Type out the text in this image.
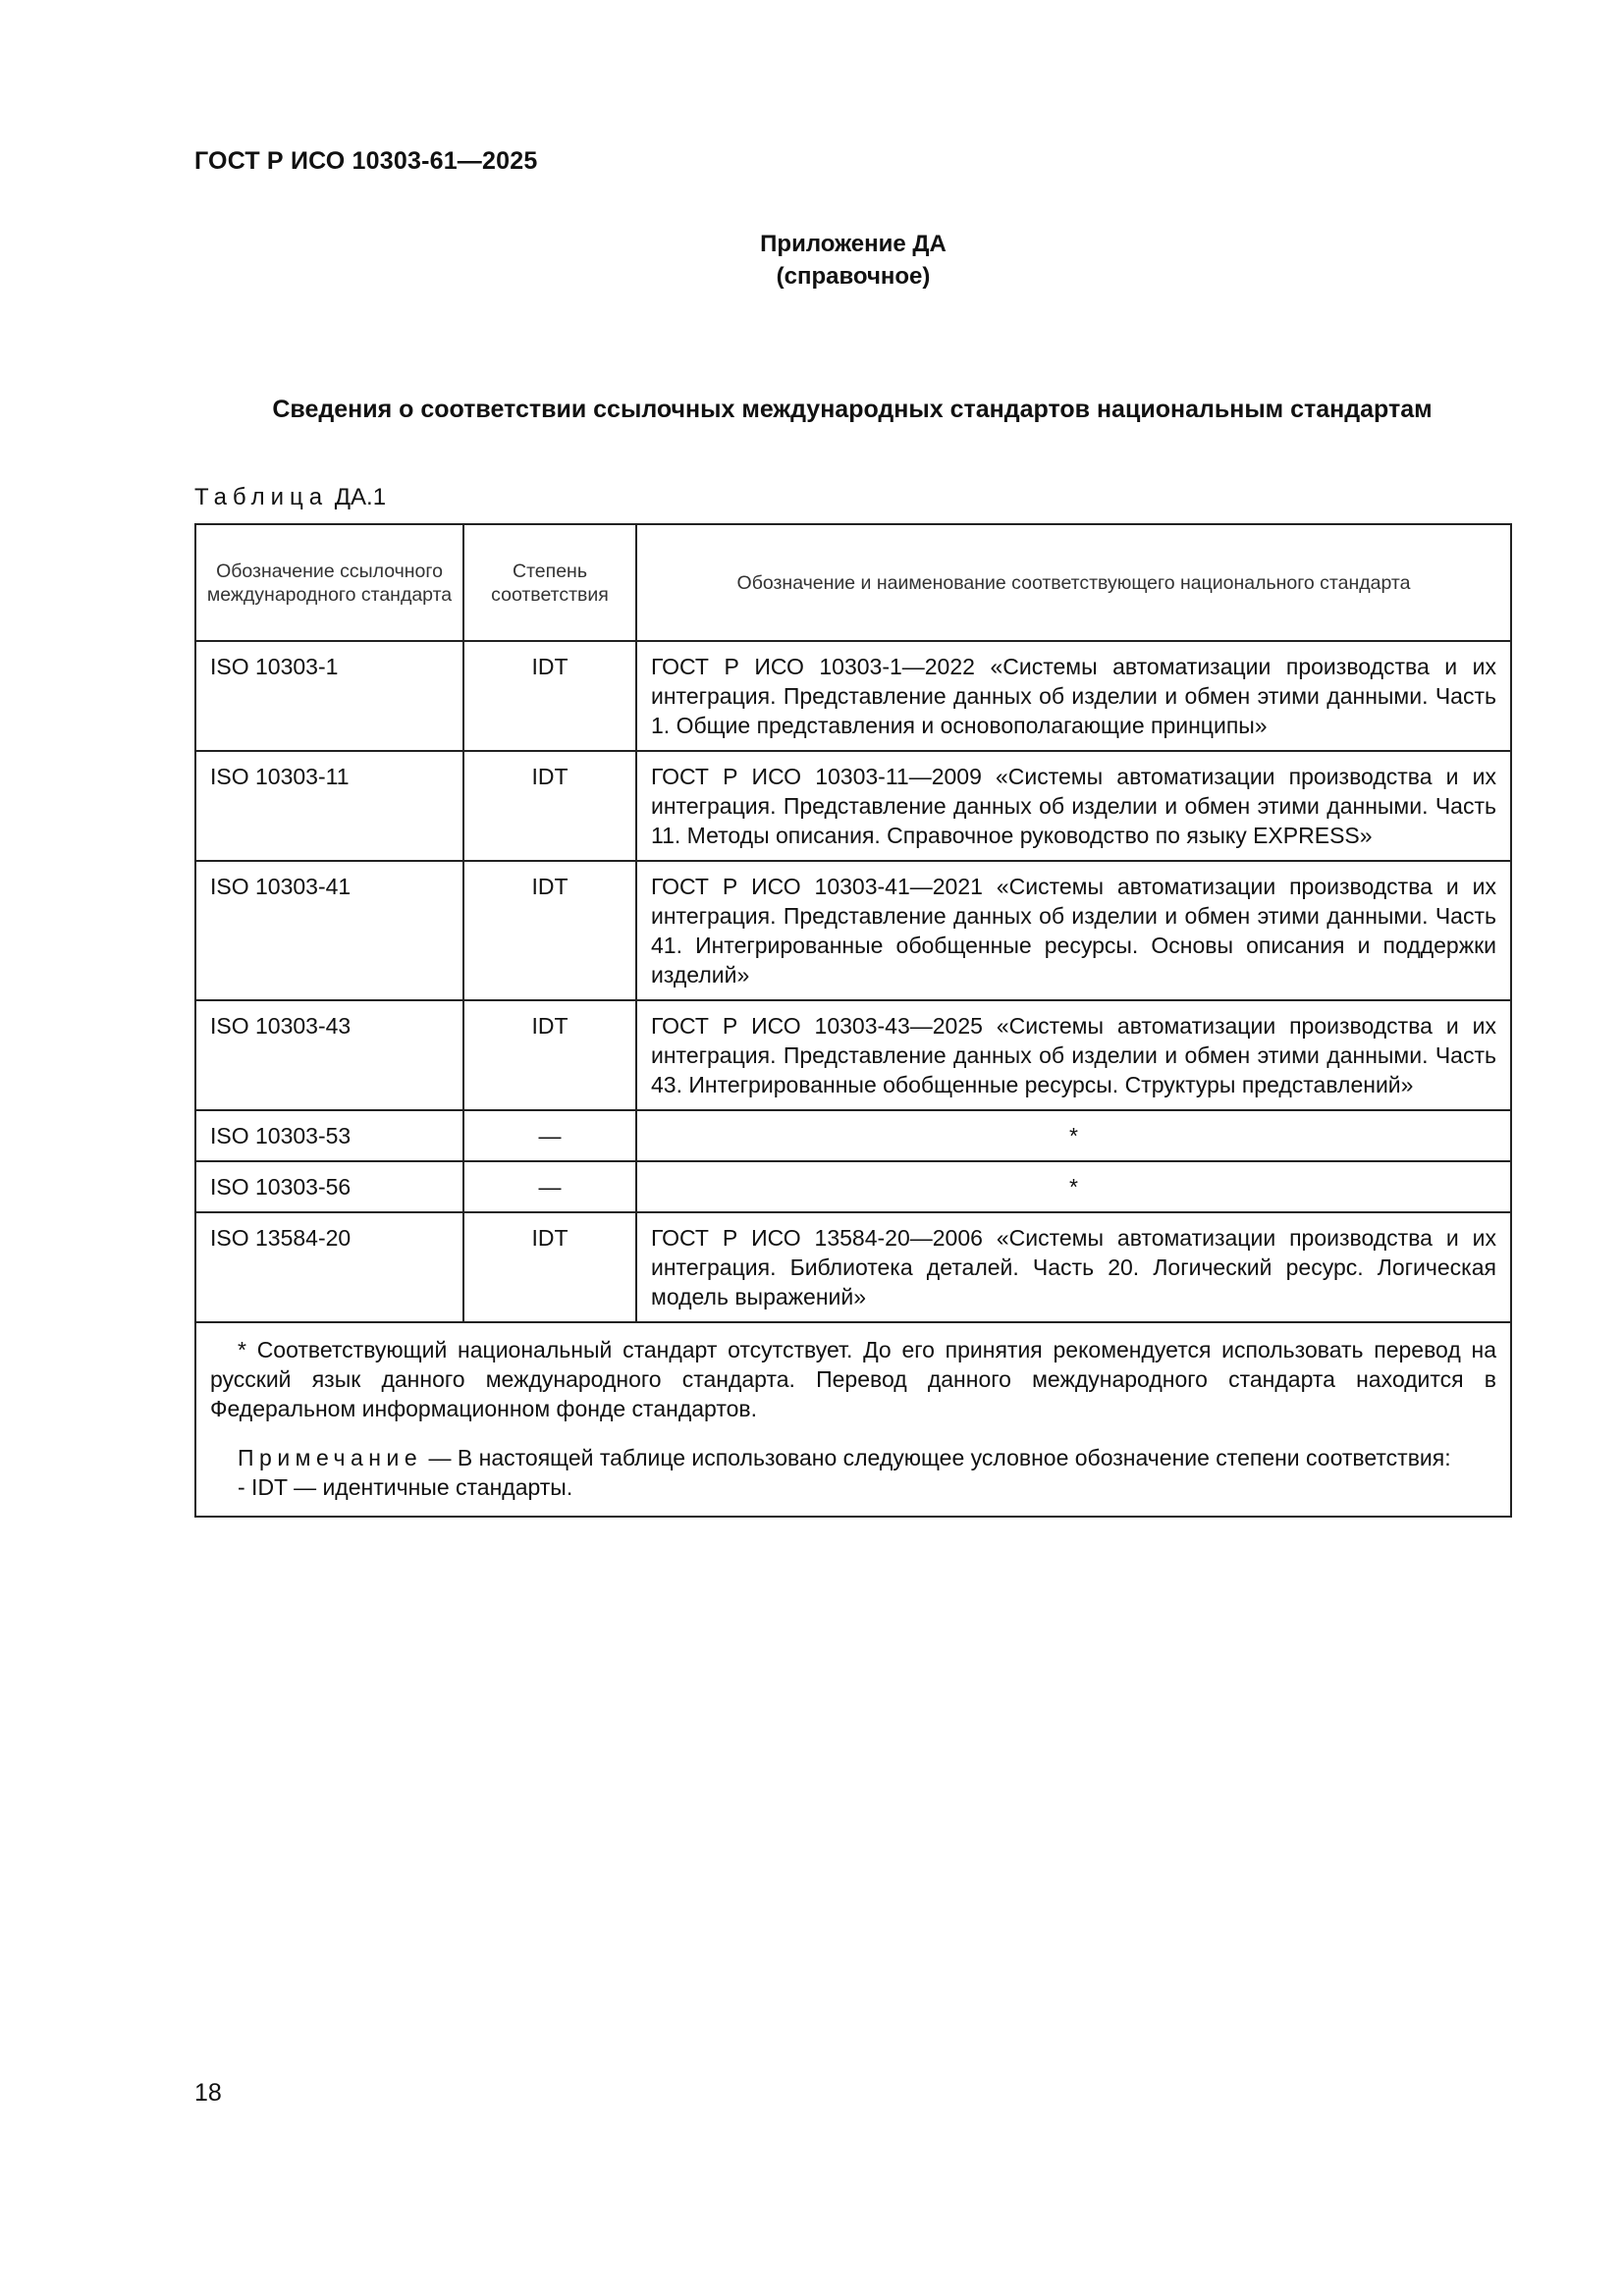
ГОСТ Р ИСО 10303-61—2025
Приложение ДА
(справочное)
Сведения о соответствии ссылочных международных стандартов национальным стандартам
Таблица ДА.1
Обозначение ссылочного международного стандарта	Степень соответствия	Обозначение и наименование соответствующего национального стандарта
ISO 10303-1	IDT	ГОСТ Р ИСО 10303-1—2022 «Системы автоматизации производства и их интеграция. Представление данных об изделии и обмен этими данными. Часть 1. Общие представления и основополагающие принципы»
ISO 10303-11	IDT	ГОСТ Р ИСО 10303-11—2009 «Системы автоматизации производства и их интеграция. Представление данных об изделии и обмен этими данными. Часть 11. Методы описания. Справочное руководство по языку EXPRESS»
ISO 10303-41	IDT	ГОСТ Р ИСО 10303-41—2021 «Системы автоматизации производства и их интеграция. Представление данных об изделии и обмен этими данными. Часть 41. Интегрированные обобщенные ресурсы. Основы описания и поддержки изделий»
ISO 10303-43	IDT	ГОСТ Р ИСО 10303-43—2025 «Системы автоматизации производства и их интеграция. Представление данных об изделии и обмен этими данными. Часть 43. Интегрированные обобщенные ресурсы. Структуры представлений»
ISO 10303-53	—	*
ISO 10303-56	—	*
ISO 13584-20	IDT	ГОСТ Р ИСО 13584-20—2006 «Системы автоматизации производства и их интеграция. Библиотека деталей. Часть 20. Логический ресурс. Логическая модель выражений»

* Соответствующий национальный стандарт отсутствует. До его принятия рекомендуется использовать перевод на русский язык данного международного стандарта. Перевод данного международного стандарта находится в Федеральном информационном фонде стандартов.

Примечание — В настоящей таблице использовано следующее условное обозначение степени соответствия:

- IDT — идентичные стандарты.		

18
